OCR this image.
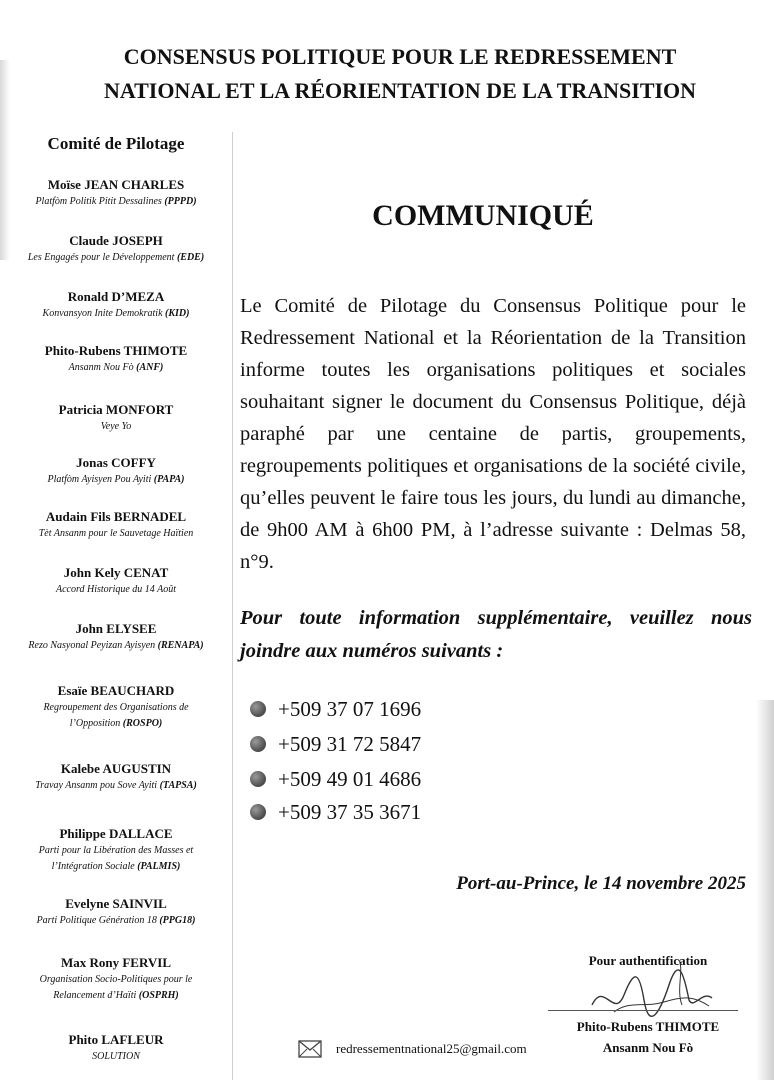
CONSENSUS POLITIQUE POUR LE REDRESSEMENT
NATIONAL ET LA RÉORIENTATION DE LA TRANSITION
Comité de Pilotage
Moïse JEAN CHARLES
Platfòm Politik Pitit Dessalines (PPPD)
Claude JOSEPH
Les Engagés pour le Développement (EDE)
Ronald D’MEZA
Konvansyon Inite Demokratik (KID)
Phito-Rubens THIMOTE
Ansanm Nou Fò (ANF)
Patricia MONFORT
Veye Yo
Jonas COFFY
Platfòm Ayisyen Pou Ayiti (PAPA)
Audain Fils BERNADEL
Tèt Ansanm pour le Sauvetage Haïtien
John Kely CENAT
Accord Historique du 14 Août
John ELYSEE
Rezo Nasyonal Peyizan Ayisyen (RENAPA)
Esaïe BEAUCHARD
Regroupement des Organisations de l’Opposition (ROSPO)
Kalebe AUGUSTIN
Travay Ansanm pou Sove Ayiti (TAPSA)
Philippe DALLACE
Parti pour la Libération des Masses et l’Intégration Sociale (PALMIS)
Evelyne SAINVIL
Parti Politique Génération 18 (PPG18)
Max Rony FERVIL
Organisation Socio-Politiques pour le Relancement d’Haïti (OSPRH)
Phito LAFLEUR
SOLUTION
COMMUNIQUÉ
Le Comité de Pilotage du Consensus Politique pour le Redressement National et la Réorientation de la Transition informe toutes les organisations politiques et sociales souhaitant signer le document du Consensus Politique, déjà paraphé par une centaine de partis, groupements, regroupements politiques et organisations de la société civile, qu’elles peuvent le faire tous les jours, du lundi au dimanche, de 9h00 AM à 6h00 PM, à l’adresse suivante : Delmas 58, n°9.
Pour toute information supplémentaire, veuillez nous joindre aux numéros suivants :
+509 37 07 1696
+509 31 72 5847
+509 49 01 4686
+509 37 35 3671
Port-au-Prince, le 14 novembre 2025
Pour authentification
Phito-Rubens THIMOTE
Ansanm Nou Fò
redressementnational25@gmail.com
